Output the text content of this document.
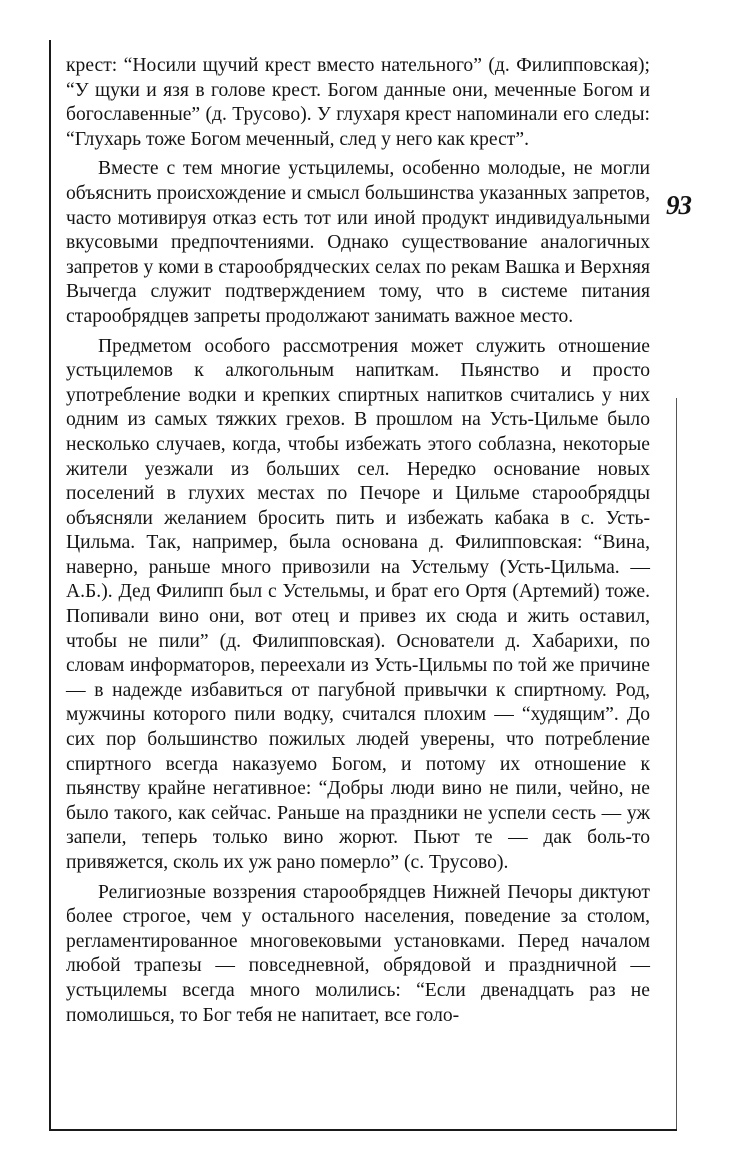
93

крест: “Носили щучий крест вместо нательного” (д. Филипповская); “У щуки и язя в голове крест. Богом данные они, меченные Богом и богославенные” (д. Трусово). У глухаря крест напоминали его следы: “Глухарь тоже Богом меченный, след у него как крест”.

Вместе с тем многие устьцилемы, особенно молодые, не могли объяснить происхождение и смысл большинства указанных запретов, часто мотивируя отказ есть тот или иной продукт индивидуальными вкусовыми предпочтениями. Однако существование аналогичных запретов у коми в старообрядческих селах по рекам Вашка и Верхняя Вычегда служит подтверждением тому, что в системе питания старообрядцев запреты продолжают занимать важное место.

Предметом особого рассмотрения может служить отношение устьцилемов к алкогольным напиткам. Пьянство и просто употребление водки и крепких спиртных напитков считались у них одним из самых тяжких грехов. В прошлом на Усть-Цильме было несколько случаев, когда, чтобы избежать этого соблазна, некоторые жители уезжали из больших сел. Нередко основание новых поселений в глухих местах по Печоре и Цильме старообрядцы объясняли желанием бросить пить и избежать кабака в с. Усть-Цильма. Так, например, была основана д. Филипповская: “Вина, наверно, раньше много привозили на Устельму (Усть-Цильма. — А.Б.). Дед Филипп был с Устельмы, и брат его Ортя (Артемий) тоже. Попивали вино они, вот отец и привез их сюда и жить оставил, чтобы не пили” (д. Филипповская). Основатели д. Хабарихи, по словам информаторов, переехали из Усть-Цильмы по той же причине — в надежде избавиться от пагубной привычки к спиртному. Род, мужчины которого пили водку, считался плохим — “худящим”. До сих пор большинство пожилых людей уверены, что потребление спиртного всегда наказуемо Богом, и потому их отношение к пьянству крайне негативное: “Добры люди вино не пили, чейно, не было такого, как сейчас. Раньше на праздники не успели сесть — уж запели, теперь только вино жорют. Пьют те — дак боль-то привяжется, сколь их уж рано померло” (с. Трусово).

Религиозные воззрения старообрядцев Нижней Печоры диктуют более строгое, чем у остального населения, поведение за столом, регламентированное многовековыми установками. Перед началом любой трапезы — повседневной, обрядовой и праздничной — устьцилемы всегда много молились: “Если двенадцать раз не помолишься, то Бог тебя не напитает, все голо-
